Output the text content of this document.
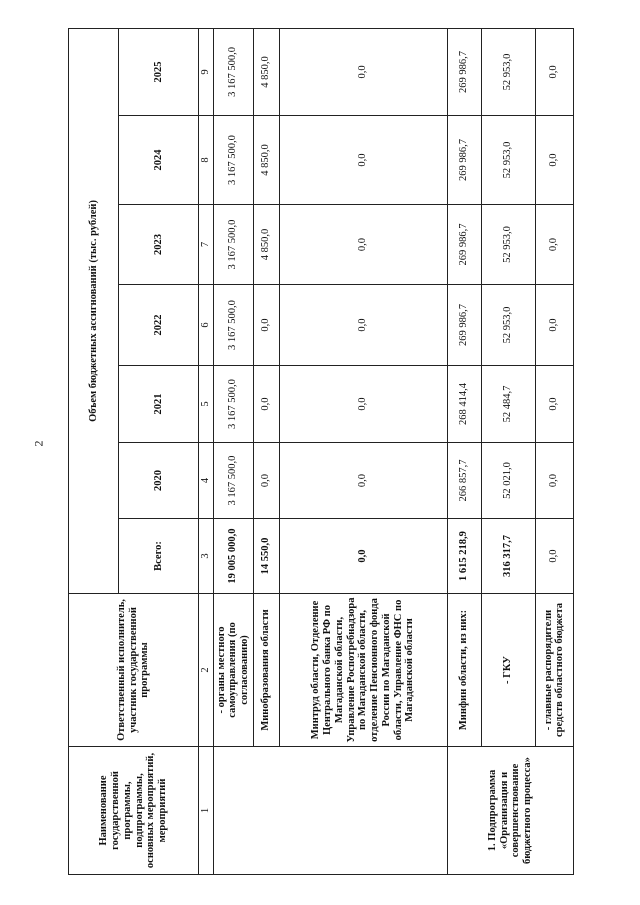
2
Наименование государственной программы, подпрограммы, основных мероприятий, мероприятий	Ответственный исполнитель, участник государственной программы	Объем бюджетных ассигнований (тыс. рублей)						
		Всего:	2020	2021	2022	2023	2024	2025
1	2	3	4	5	6	7	8	9
	- органы местного самоуправления (по согласованию)	19 005 000,0	3 167 500,0	3 167 500,0	3 167 500,0	3 167 500,0	3 167 500,0	3 167 500,0
	Минобразования области	14 550,0	0,0	0,0	0,0	4 850,0	4 850,0	4 850,0
	Минтруд области, Отделение Центрального банка РФ по Магаданской области, Управление Роспотребнадзора по Магаданской области, отделение Пенсионного фонда России по Магаданской области, Управление ФНС по Магаданской области	0,0	0,0	0,0	0,0	0,0	0,0	0,0
1. Подпрограмма «Организация и совершенствование бюджетного процесса»	Минфин области, из них:	1 615 218,9	266 857,7	268 414,4	269 986,7	269 986,7	269 986,7	269 986,7
	- ГКУ	316 317,7	52 021,0	52 484,7	52 953,0	52 953,0	52 953,0	52 953,0
	- главные распорядители средств областного бюджета	0,0	0,0	0,0	0,0	0,0	0,0	0,0
